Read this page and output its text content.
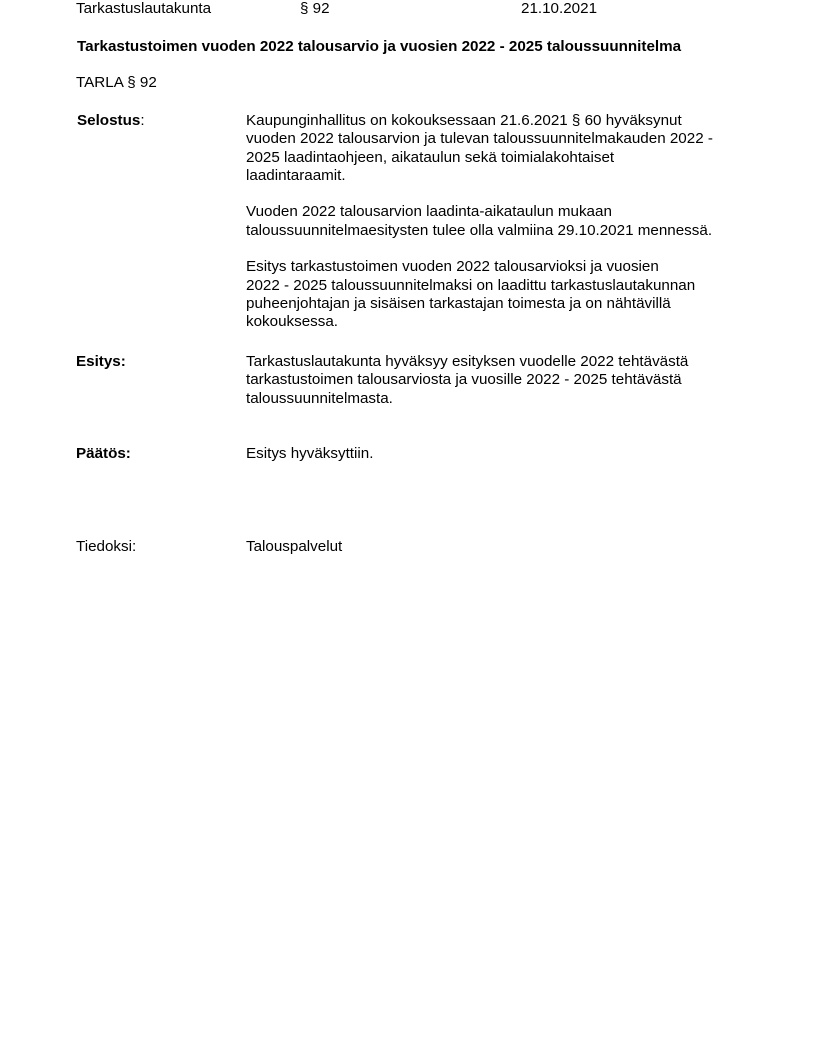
Tarkastuslautakunta	§ 92	21.10.2021
Tarkastustoimen vuoden 2022 talousarvio ja vuosien 2022 - 2025 taloussuunnitelma
TARLA § 92
Selostus:	Kaupunginhallitus on kokouksessaan 21.6.2021 § 60 hyväksynut
vuoden 2022 talousarvion ja tulevan taloussuunnitelmakauden 2022 -
2025 laadintaohjeen, aikataulun sekä toimialakohtaiset
laadintaraamit.
Vuoden 2022 talousarvion laadinta-aikataulun mukaan
taloussuunnitelmaesitysten tulee olla valmiina 29.10.2021 mennessä.
Esitys tarkastustoimen vuoden 2022 talousarvioksi ja vuosien
2022 - 2025 taloussuunnitelmaksi on laadittu tarkastuslautakunnan
puheenjohtajan ja sisäisen tarkastajan toimesta ja on nähtävillä
kokouksessa.
Esitys:	Tarkastuslautakunta hyväksyy esityksen vuodelle 2022 tehtävästä
tarkastustoimen talousarviosta ja vuosille 2022 - 2025 tehtävästä
taloussuunnitelmasta.
Päätös:	Esitys hyväksyttiin.
Tiedoksi:	Talouspalvelut
